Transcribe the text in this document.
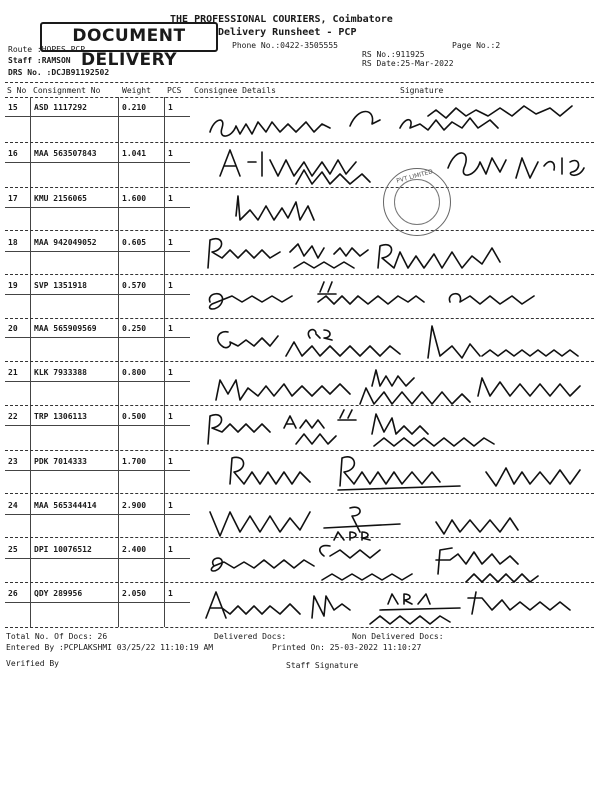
DOCUMENT DELIVERY
THE PROFESSIONAL COURIERS, Coimbatore
Delivery Runsheet - PCP
Phone No.:0422-3505555	Page No.:2
Route :HOPES PCP
Staff :RAMSON
RS No.:911925
RS Date:25-Mar-2022
DRS No. :DCJB91192502
S No Consignment No	Weight PCS Consignee Details	Signature
15 ASD 1117292	0.210	1
16 MAA 563507843	1.041	1
17 KMU 2156065	1.600	1
18 MAA 942049052	0.605	1
19 SVP 1351918	0.570	1
20 MAA 565909569	0.250	1
21 KLK 7933388	0.800	1
22 TRP 1306113	0.500	1
23 PDK 7014333	1.700	1
24 MAA 565344414	2.900	1
25 DPI 10076512	2.400	1
26 QDY 289956	2.050	1
PVT LIMITED
Total No. Of Docs: 26	Delivered Docs:	Non Delivered Docs:
Entered By :PCPLAKSHMI 03/25/22 11:10:19 AM	Printed On: 25-03-2022 11:10:27
Verified By	Staff Signature
